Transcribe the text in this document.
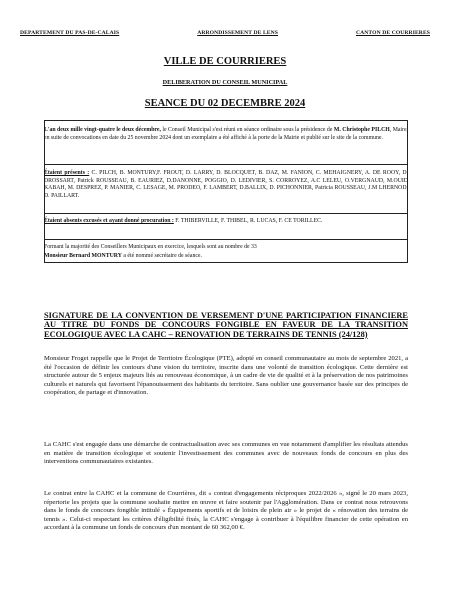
DEPARTEMENT DU PAS-DE-CALAIS	ARRONDISSEMENT DE LENS	CANTON DE COURRIERES
VILLE DE COURRIERES
DELIBERATION DU CONSEIL MUNICIPAL
SEANCE DU 02 DECEMBRE 2024
L'an deux mille vingt-quatre le deux décembre, le Conseil Municipal s'est réuni en séance ordinaire sous la présidence de M. Christophe PILCH, Maire, en suite de convocations en date du 25 novembre 2024 dont un exemplaire a été affiché à la porte de la Mairie et publié sur le site de la commune.
Étaient présents : C. PILCH, B. MONTURY,F. FROUT, D. LARRY, D. BLOCQUET, B. DAZ, M. FANION, C. MEHAIGNERY, A. DE ROOY, D. DROSSART, Patrick ROUSSEAU, B. EAURIEZ, D.DANONNE, POGGIO, D. LEDIVIER, S. CORROYEZ, A.C LELEU, O.VERGNAUD, M.OUID KABAH, M. DESPREZ, P. MANIER, C. LESAGE, M. PRODEO, F. LAMBERT, D.BALLIX, D. PICHONNIER, Patricia ROUSSEAU, J.M LHERNOD, D. PAILLART.
Étaient absents excusés et ayant donné procuration : F. THIBERVILLE, F. THIBEL, R. LUCAS, F. CE TORILLEC.
Formant la majorité des Conseillers Municipaux en exercice, lesquels sont au nombre de 33
Monsieur Bernard MONTURY a été nommé secrétaire de séance.
SIGNATURE DE LA CONVENTION DE VERSEMENT D'UNE PARTICIPATION FINANCIERE AU TITRE DU FONDS DE CONCOURS FONGIBLE EN FAVEUR DE LA TRANSITION ECOLOGIQUE AVEC LA CAHC – RENOVATION DE TERRAINS DE TENNIS (24/128)
Monsieur Froget rappelle que le Projet de Territoire Écologique (PTE), adopté en conseil communautaire au mois de septembre 2021, a été l'occasion de définir les contours d'une vision du territoire, inscrite dans une volonté de transition écologique. Cette dernière est structurée autour de 5 enjeux majeurs liés au renouveau économique, à un cadre de vie de qualité et à la préservation de nos patrimoines culturels et naturels qui favorisent l'épanouissement des habitants du territoire. Sans oublier une gouvernance basée sur des principes de coopération, de partage et d'innovation.
La CAHC s'est engagée dans une démarche de contractualisation avec ses communes en vue notamment d'amplifier les résultats attendus en matière de transition écologique et soutenir l'investissement des communes avec de nouveaux fonds de concours en plus des interventions communautaires existantes.
Le contrat entre la CAHC et la commune de Courrières, dit « contrat d'engagements réciproques 2022/2026 », signé le 20 mars 2023, répertorie les projets que la commune souhaite mettre en œuvre et faire soutenir par l'Agglomération. Dans ce contrat nous retrouvons dans le fonds de concours fongible intitulé « Équipements sportifs et de loisirs de plein air » le projet de « rénovation des terrains de tennis ». Celui-ci respectant les critères d'éligibilité fixés, la CAHC s'engage à contribuer à l'équilibre financier de cette opération en accordant à la commune un fonds de concours d'un montant de 60 362,00 €.
